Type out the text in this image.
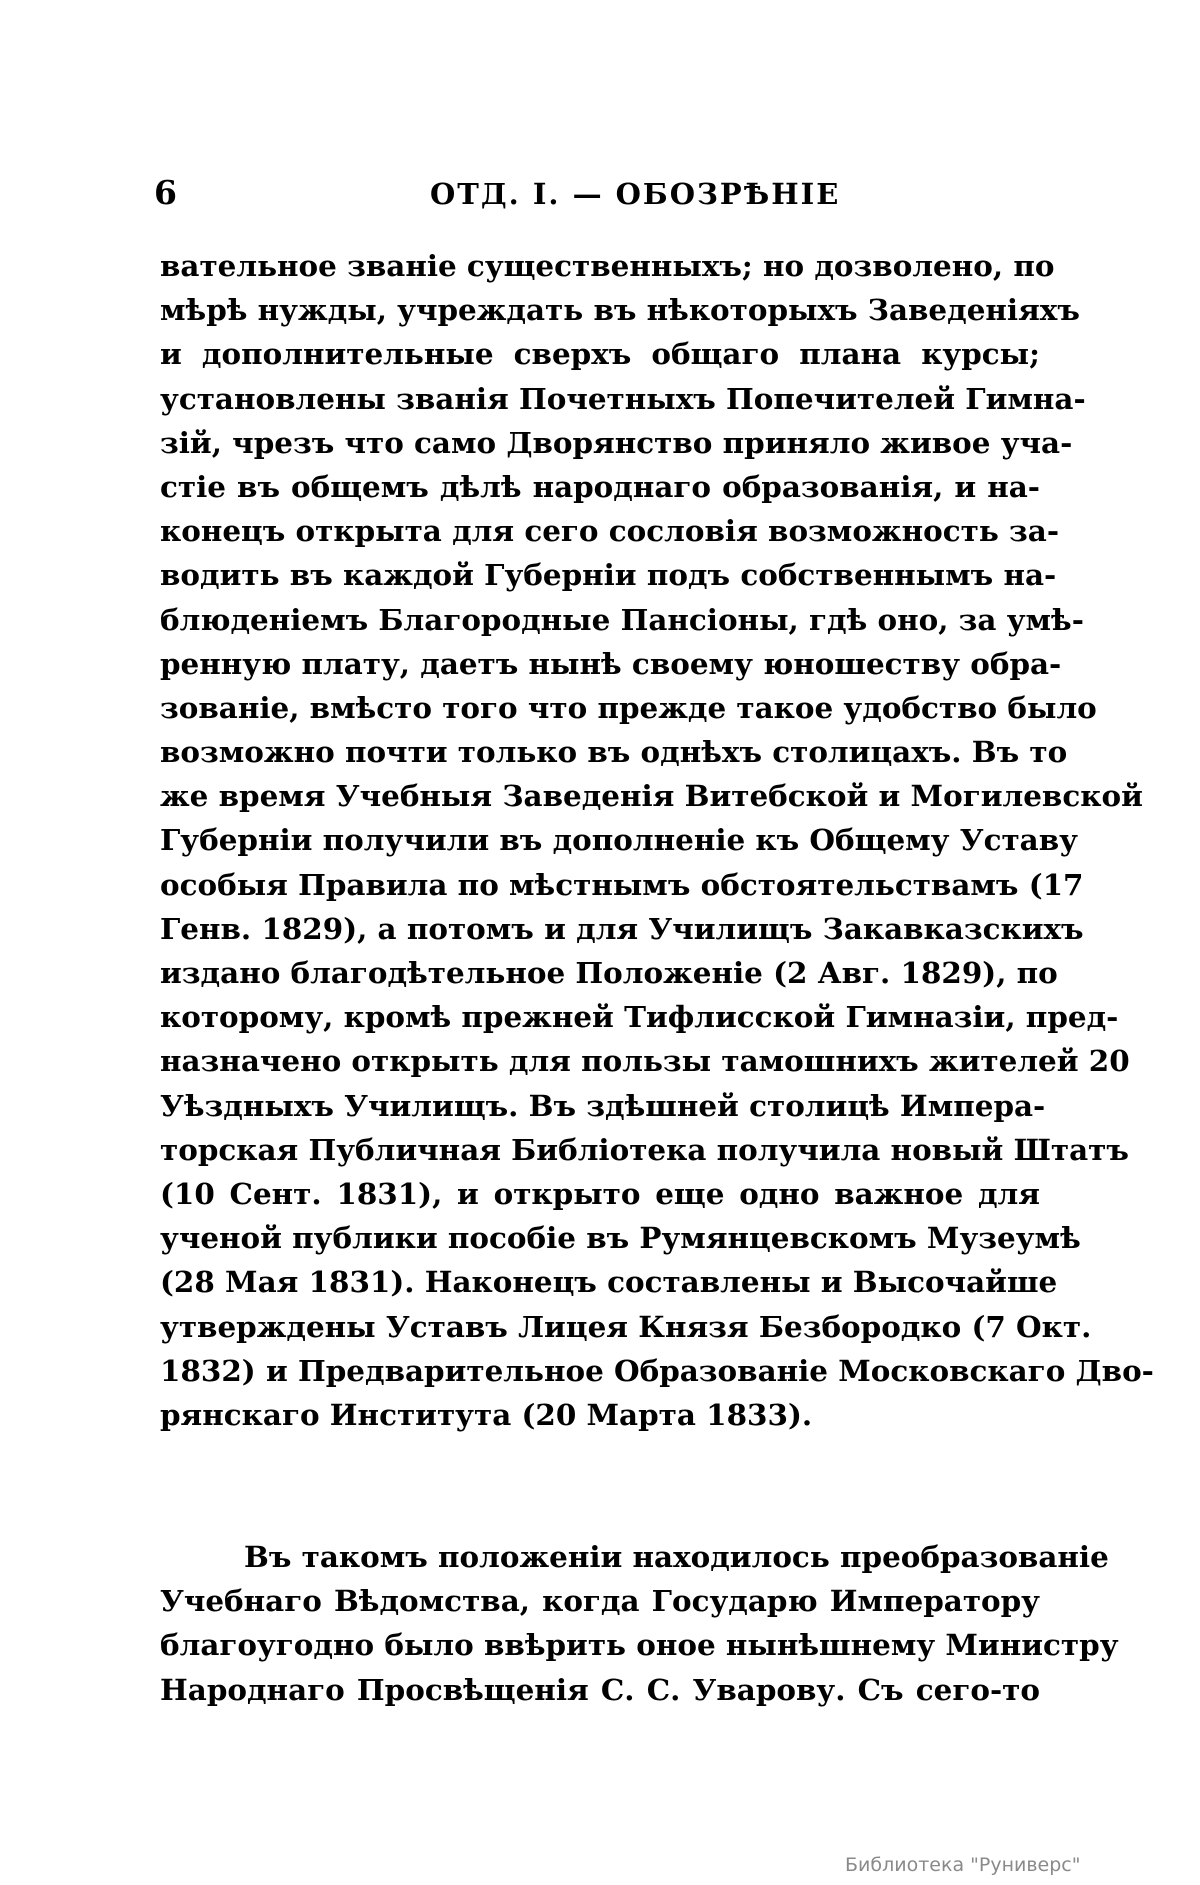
6	ОТД. I. — ОБОЗРѢНІЕ
вательное званіе существенныхъ; но дозволено, по
мѣрѣ нужды, учреждать въ нѣкоторыхъ Заведеніяхъ
и дополнительные сверхъ общаго плана курсы;
установлены званія Почетныхъ Попечителей Гимна-
зій, чрезъ что само Дворянство приняло живое уча-
стіе въ общемъ дѣлѣ народнаго образованія, и на-
конецъ открыта для сего сословія возможность за-
водить въ каждой Губерніи подъ собственнымъ на-
блюденіемъ Благородные Пансіоны, гдѣ оно, за умѣ-
ренную плату, даетъ нынѣ своему юношеству обра-
зованіе, вмѣсто того что прежде такое удобство было
возможно почти только въ однѣхъ столицахъ. Въ то
же время Учебныя Заведенія Витебской и Могилевской
Губерніи получили въ дополненіе къ Общему Уставу
особыя Правила по мѣстнымъ обстоятельствамъ (17
Генв. 1829), а потомъ и для Училищъ Закавказскихъ
издано благодѣтельное Положеніе (2 Авг. 1829), по
которому, кромѣ прежней Тифлисской Гимназіи, пред-
назначено открыть для пользы тамошнихъ жителей 20
Уѣздныхъ Училищъ. Въ здѣшней столицѣ Импера-
торская Публичная Библіотека получила новый Штатъ
(10 Сент. 1831), и открыто еще одно важное для
ученой публики пособіе въ Румянцевскомъ Музеумѣ
(28 Мая 1831). Наконецъ составлены и Высочайше
утверждены Уставъ Лицея Князя Безбородко (7 Окт.
1832) и Предварительное Образованіе Московскаго Дво-
рянскаго Института (20 Марта 1833).
Въ такомъ положеніи находилось преобразованіе
Учебнаго Вѣдомства, когда Государю Императору
благоугодно было ввѣрить оное нынѣшнему Министру
Народнаго Просвѣщенія С. С. Уварову. Съ сего-то
Библиотека "Руниверс"
